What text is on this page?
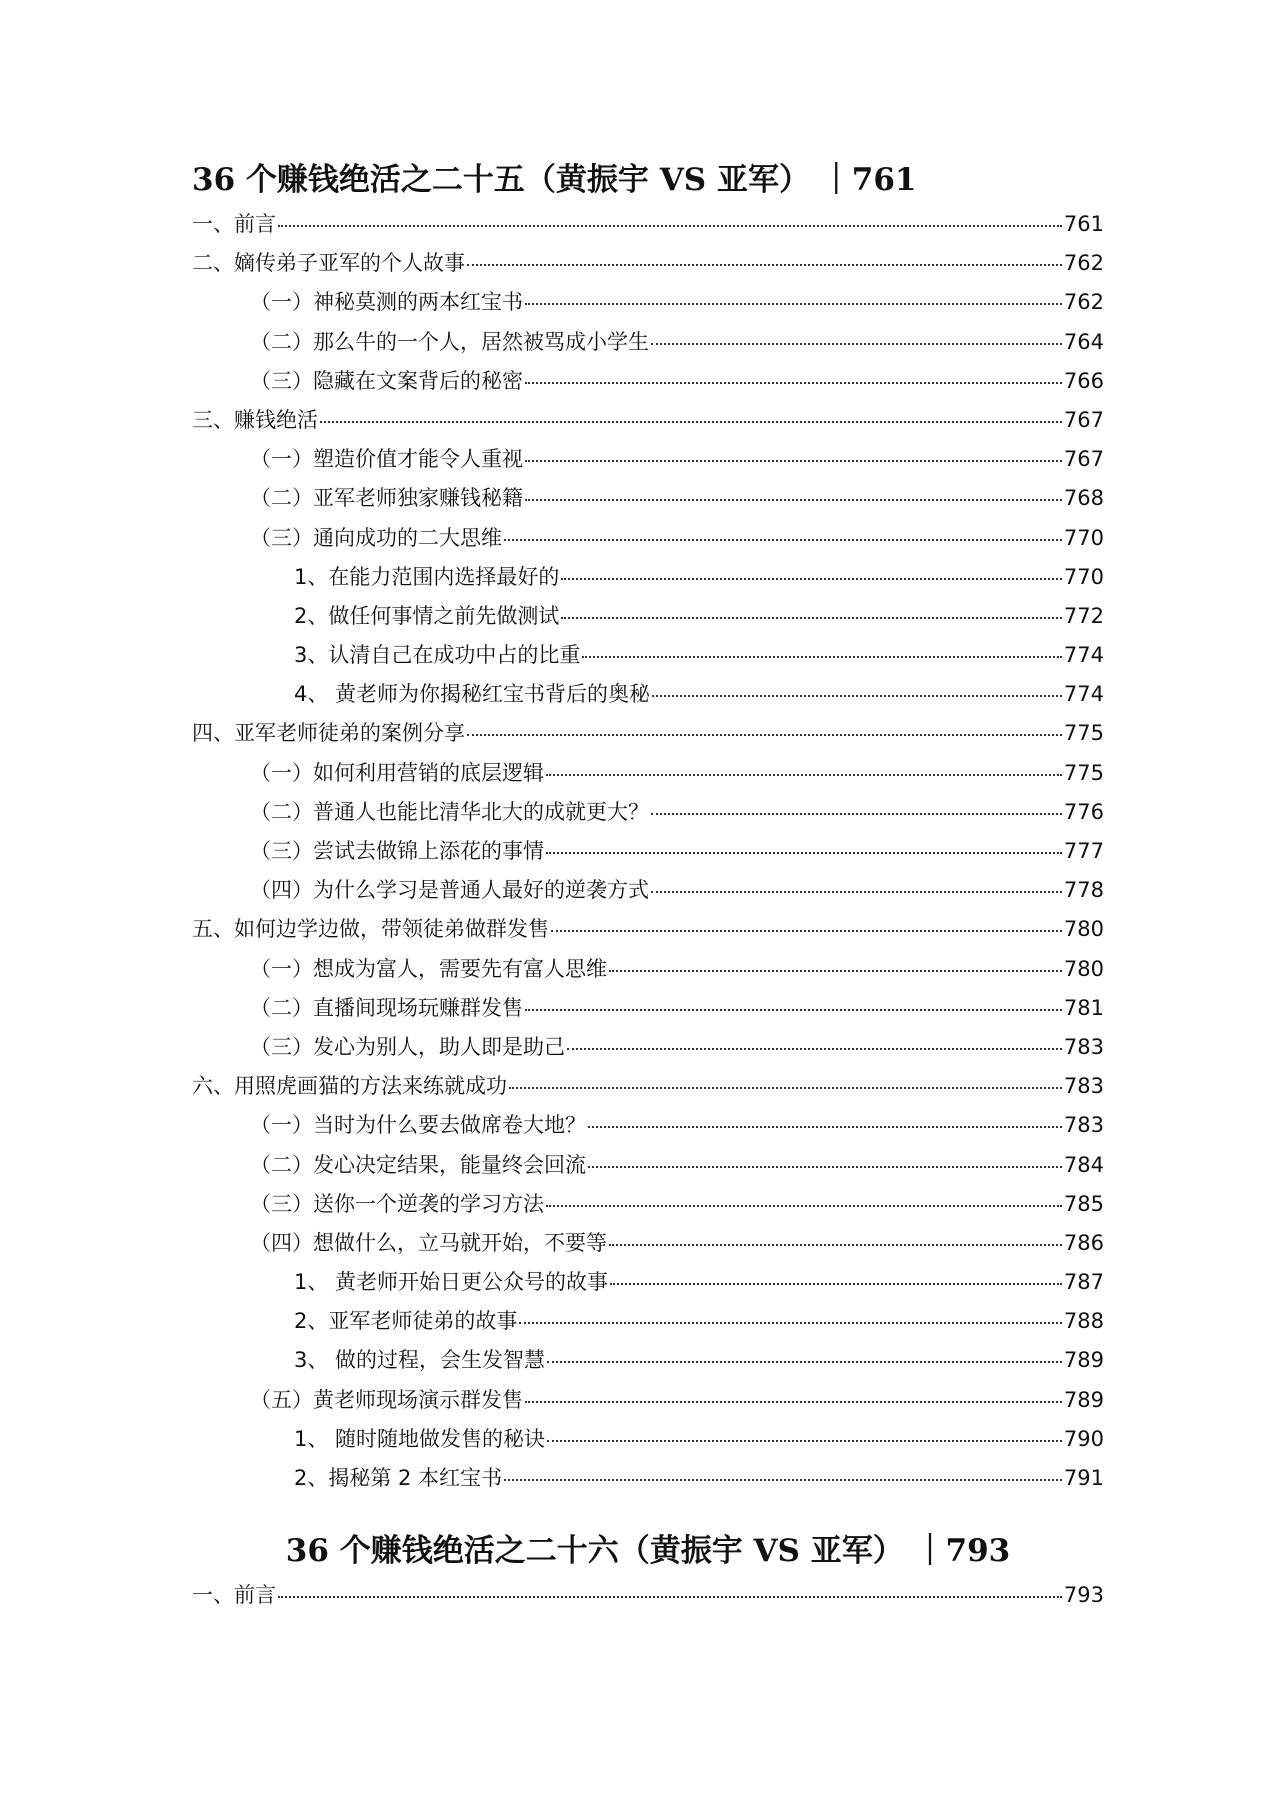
36 个赚钱绝活之二十五（黄振宇 VS 亚军） ｜761
一、前言	761
二、嫡传弟子亚军的个人故事	762
（一）神秘莫测的两本红宝书	762
（二）那么牛的一个人，居然被骂成小学生	764
（三）隐藏在文案背后的秘密	766
三、赚钱绝活	767
（一）塑造价值才能令人重视	767
（二）亚军老师独家赚钱秘籍	768
（三）通向成功的二大思维	770
1、在能力范围内选择最好的	770
2、做任何事情之前先做测试	772
3、认清自己在成功中占的比重	774
4、 黄老师为你揭秘红宝书背后的奥秘	774
四、亚军老师徒弟的案例分享	775
（一）如何利用营销的底层逻辑	775
（二）普通人也能比清华北大的成就更大？	776
（三）尝试去做锦上添花的事情	777
（四）为什么学习是普通人最好的逆袭方式	778
五、如何边学边做，带领徒弟做群发售	780
（一）想成为富人，需要先有富人思维	780
（二）直播间现场玩赚群发售	781
（三）发心为别人，助人即是助己	783
六、用照虎画猫的方法来练就成功	783
（一）当时为什么要去做席卷大地？	783
（二）发心决定结果，能量终会回流	784
（三）送你一个逆袭的学习方法	785
（四）想做什么，立马就开始，不要等	786
1、 黄老师开始日更公众号的故事	787
2、亚军老师徒弟的故事	788
3、 做的过程，会生发智慧	789
（五）黄老师现场演示群发售	789
1、 随时随地做发售的秘诀	790
2、揭秘第 2 本红宝书	791
36 个赚钱绝活之二十六（黄振宇 VS 亚军） ｜793
一、前言	793
